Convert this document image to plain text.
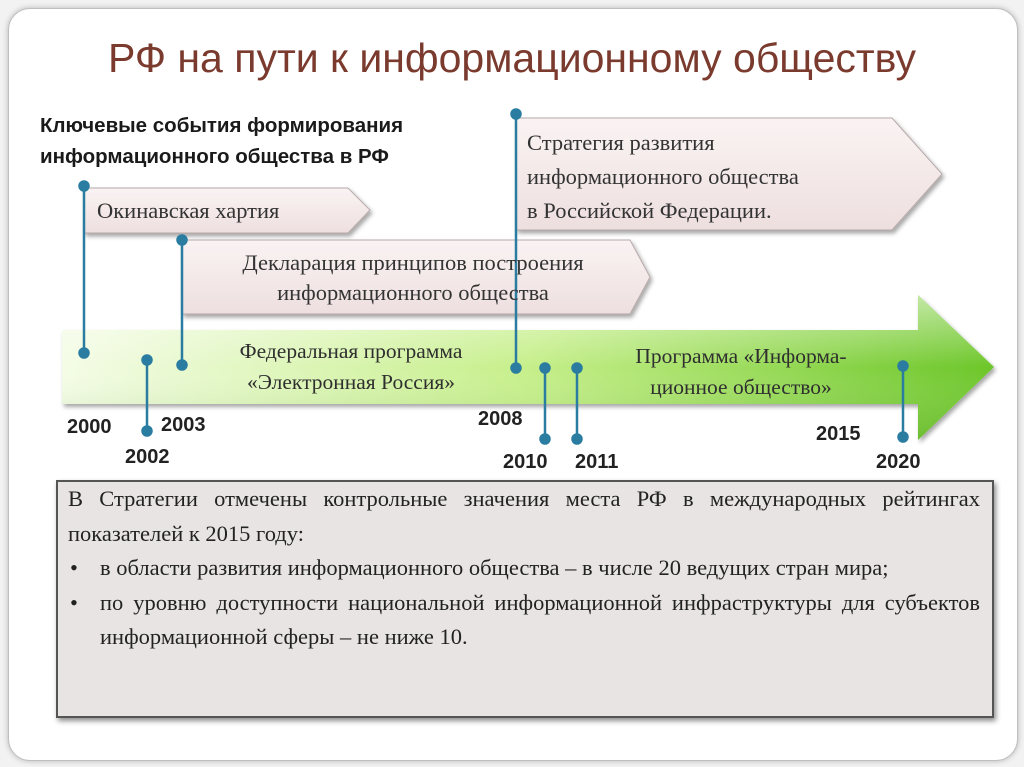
РФ на пути к информационному обществу
Ключевые события формирования информационного общества в РФ
Стратегия развития
информационного общества
в Российской Федерации.
Окинавская хартия
Декларация принципов построения
информационного общества
Федеральная программа
«Электронная Россия»
Программа «Информа-
ционное общество»
2000
2002
2003	2008
2010 2011
2015
2020

В Стратегии отмечены контрольные значения места РФ в международных рейтингах показателей к 2015 году:

• в области развития информационного общества – в числе 20 ведущих стран мира;
• по уровню доступности национальной информационной инфраструктуры для субъектов информационной сферы – не ниже 10.
